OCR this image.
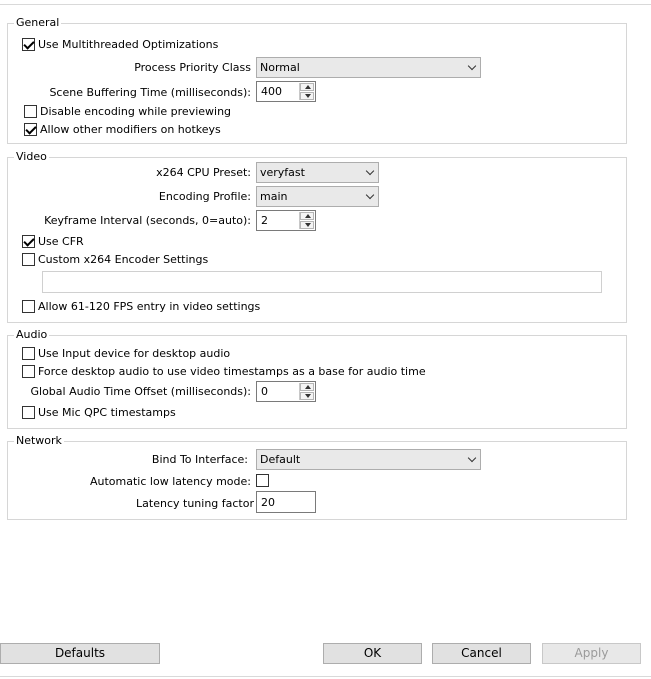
General
Use Multithreaded Optimizations
Process Priority Class Normal
Scene Buffering Time (milliseconds): 400
Disable encoding while previewing
Allow other modifiers on hotkeys
Video
x264 CPU Preset: veryfast
Encoding Profile: main
Keyframe Interval (seconds, 0=auto): 2
Use CFR
Custom x264 Encoder Settings
Allow 61-120 FPS entry in video settings
Audio
Use Input device for desktop audio
Force desktop audio to use video timestamps as a base for audio time
Global Audio Time Offset (milliseconds): 0
Use Mic QPC timestamps
Network
Bind To Interface: Default
Automatic low latency mode:
Latency tuning factor 20
Defaults	OK	Cancel	Apply
